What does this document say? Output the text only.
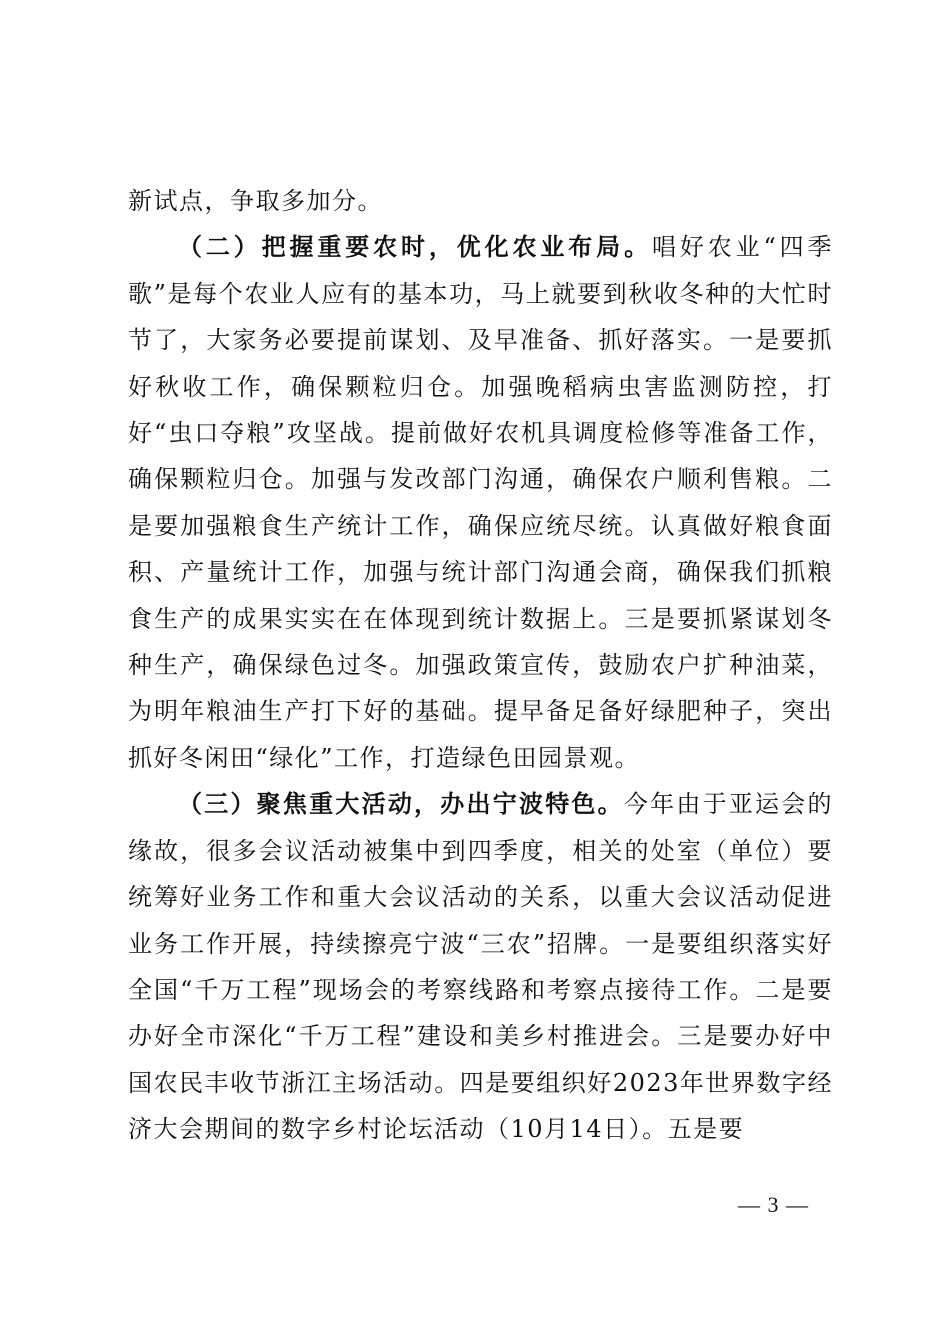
新试点，争取多加分。

（二）把握重要农时，优化农业布局。唱好农业“四季歌”是每个农业人应有的基本功，马上就要到秋收冬种的大忙时节了，大家务必要提前谋划、及早准备、抓好落实。一是要抓好秋收工作，确保颗粒归仓。加强晚稻病虫害监测防控，打好“虫口夺粮”攻坚战。提前做好农机具调度检修等准备工作，确保颗粒归仓。加强与发改部门沟通，确保农户顺利售粮。二是要加强粮食生产统计工作，确保应统尽统。认真做好粮食面积、产量统计工作，加强与统计部门沟通会商，确保我们抓粮食生产的成果实实在在体现到统计数据上。三是要抓紧谋划冬种生产，确保绿色过冬。加强政策宣传，鼓励农户扩种油菜，为明年粮油生产打下好的基础。提早备足备好绿肥种子，突出抓好冬闲田“绿化”工作，打造绿色田园景观。

（三）聚焦重大活动，办出宁波特色。今年由于亚运会的缘故，很多会议活动被集中到四季度，相关的处室（单位）要统筹好业务工作和重大会议活动的关系，以重大会议活动促进业务工作开展，持续擦亮宁波“三农”招牌。一是要组织落实好全国“千万工程”现场会的考察线路和考察点接待工作。二是要办好全市深化“千万工程”建设和美乡村推进会。三是要办好中国农民丰收节浙江主场活动。四是要组织好2023年世界数字经济大会期间的数字乡村论坛活动（10月14日）。五是要

— 3 —
